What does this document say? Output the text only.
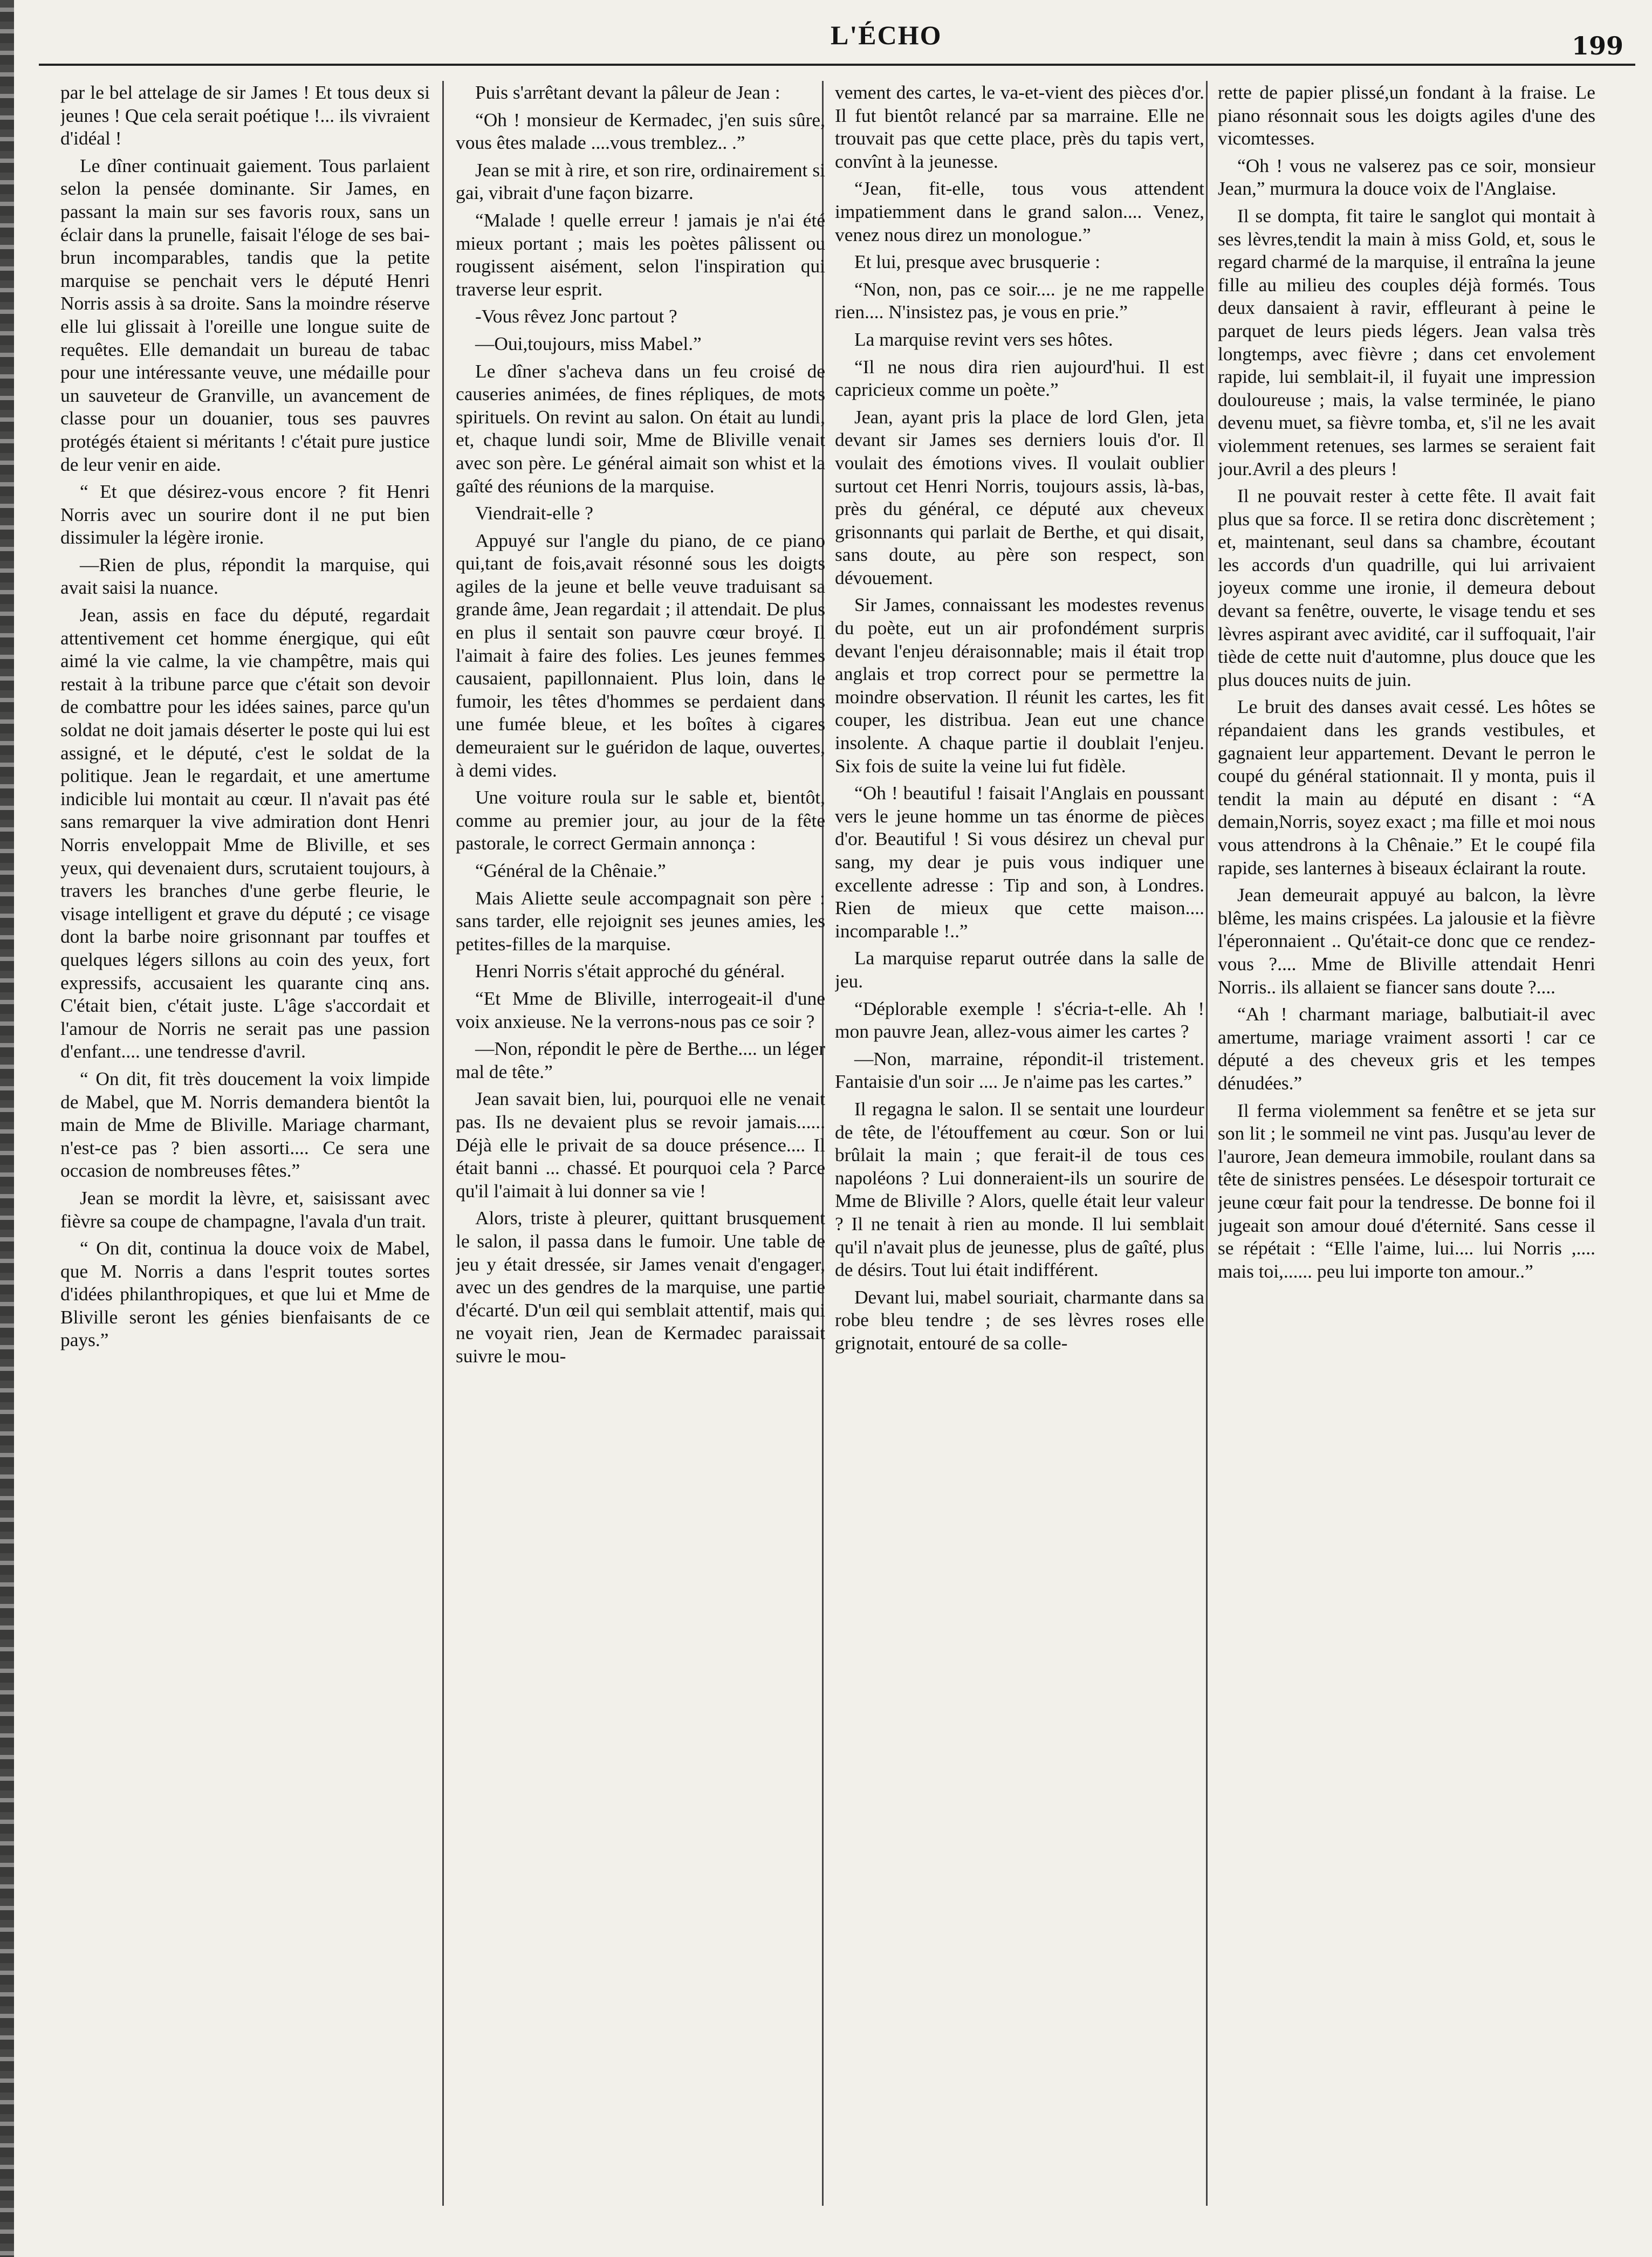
L'ÉCHO	199

par le bel attelage de sir James ! Et tous deux si jeunes ! Que cela serait poétique !... ils vivraient d'idéal !

Le dîner continuait gaiement. Tous parlaient selon la pensée dominante. Sir James, en passant la main sur ses favoris roux, sans un éclair dans la prunelle, faisait l'éloge de ses bai-brun incomparables, tandis que la petite marquise se penchait vers le député Henri Norris assis à sa droite. Sans la moindre réserve elle lui glissait à l'oreille une longue suite de requêtes. Elle demandait un bureau de tabac pour une intéressante veuve, une médaille pour un sauveteur de Granville, un avancement de classe pour un douanier, tous ses pauvres protégés étaient si méritants ! c'était pure justice de leur venir en aide.

“ Et que désirez-vous encore ? fit Henri Norris avec un sourire dont il ne put bien dissimuler la légère ironie.

—Rien de plus, répondit la marquise, qui avait saisi la nuance.

Jean, assis en face du député, regardait attentivement cet homme énergique, qui eût aimé la vie calme, la vie champêtre, mais qui restait à la tribune parce que c'était son devoir de combattre pour les idées saines, parce qu'un soldat ne doit jamais déserter le poste qui lui est assigné, et le député, c'est le soldat de la politique. Jean le regardait, et une amertume indicible lui montait au cœur. Il n'avait pas été sans remarquer la vive admiration dont Henri Norris enveloppait Mme de Bliville, et ses yeux, qui devenaient durs, scrutaient toujours, à travers les branches d'une gerbe fleurie, le visage intelligent et grave du député ; ce visage dont la barbe noire grisonnant par touffes et quelques légers sillons au coin des yeux, fort expressifs, accusaient les quarante cinq ans. C'était bien, c'était juste. L'âge s'accordait et l'amour de Norris ne serait pas une passion d'enfant.... une tendresse d'avril.

“ On dit, fit très doucement la voix limpide de Mabel, que M. Norris demandera bientôt la main de Mme de Bliville. Mariage charmant, n'est-ce pas ? bien assorti.... Ce sera une occasion de nombreuses fêtes.”

Jean se mordit la lèvre, et, saisissant avec fièvre sa coupe de champagne, l'avala d'un trait.

“ On dit, continua la douce voix de Mabel, que M. Norris a dans l'esprit toutes sortes d'idées philanthropiques, et que lui et Mme de Bliville seront les génies bienfaisants de ce pays.”

Puis s'arrêtant devant la pâleur de Jean :

“Oh ! monsieur de Kermadec, j'en suis sûre, vous êtes malade ....vous tremblez.. .”

Jean se mit à rire, et son rire, ordinairement si gai, vibrait d'une façon bizarre.

“Malade ! quelle erreur ! jamais je n'ai été mieux portant ; mais les poètes pâlissent ou rougissent aisément, selon l'inspiration qui traverse leur esprit.

-Vous rêvez Jonc partout ?

—Oui,toujours, miss Mabel.”

Le dîner s'acheva dans un feu croisé de causeries animées, de fines répliques, de mots spirituels. On revint au salon. On était au lundi, et, chaque lundi soir, Mme de Bliville venait avec son père. Le général aimait son whist et la gaîté des réunions de la marquise.

Viendrait-elle ?

Appuyé sur l'angle du piano, de ce piano qui,tant de fois,avait résonné sous les doigts agiles de la jeune et belle veuve traduisant sa grande âme, Jean regardait ; il attendait. De plus en plus il sentait son pauvre cœur broyé. Il l'aimait à faire des folies. Les jeunes femmes causaient, papillonnaient. Plus loin, dans le fumoir, les têtes d'hommes se perdaient dans une fumée bleue, et les boîtes à cigares demeuraient sur le guéridon de laque, ouvertes, à demi vides.

Une voiture roula sur le sable et, bientôt, comme au premier jour, au jour de la fête pastorale, le correct Germain annonça :

“Général de la Chênaie.”

Mais Aliette seule accompagnait son père : sans tarder, elle rejoignit ses jeunes amies, les petites-filles de la marquise.

Henri Norris s'était approché du général.

“Et Mme de Bliville, interrogeait-il d'une voix anxieuse. Ne la verrons-nous pas ce soir ?

—Non, répondit le père de Berthe.... un léger mal de tête.”

Jean savait bien, lui, pourquoi elle ne venait pas. Ils ne devaient plus se revoir jamais...... Déjà elle le privait de sa douce présence.... Il était banni ... chassé. Et pourquoi cela ? Parce qu'il l'aimait à lui donner sa vie !

Alors, triste à pleurer, quittant brusquement le salon, il passa dans le fumoir. Une table de jeu y était dressée, sir James venait d'engager, avec un des gendres de la marquise, une partie d'écarté. D'un œil qui semblait attentif, mais qui ne voyait rien, Jean de Kermadec paraissait suivre le mou-

vement des cartes, le va-et-vient des pièces d'or. Il fut bientôt relancé par sa marraine. Elle ne trouvait pas que cette place, près du tapis vert, convînt à la jeunesse.

“Jean, fit-elle, tous vous attendent impatiemment dans le grand salon.... Venez, venez nous direz un monologue.”

Et lui, presque avec brusquerie :

“Non, non, pas ce soir.... je ne me rappelle rien.... N'insistez pas, je vous en prie.”

La marquise revint vers ses hôtes.

“Il ne nous dira rien aujourd'hui. Il est capricieux comme un poète.”

Jean, ayant pris la place de lord Glen, jeta devant sir James ses derniers louis d'or. Il voulait des émotions vives. Il voulait oublier surtout cet Henri Norris, toujours assis, là-bas, près du général, ce député aux cheveux grisonnants qui parlait de Berthe, et qui disait, sans doute, au père son respect, son dévouement.

Sir James, connaissant les modestes revenus du poète, eut un air profondément surpris devant l'enjeu déraisonnable; mais il était trop anglais et trop correct pour se permettre la moindre observation. Il réunit les cartes, les fit couper, les distribua. Jean eut une chance insolente. A chaque partie il doublait l'enjeu. Six fois de suite la veine lui fut fidèle.

“Oh ! beautiful ! faisait l'Anglais en poussant vers le jeune homme un tas énorme de pièces d'or. Beautiful ! Si vous désirez un cheval pur sang, my dear je puis vous indiquer une excellente adresse : Tip and son, à Londres. Rien de mieux que cette maison.... incomparable !..”

La marquise reparut outrée dans la salle de jeu.

“Déplorable exemple ! s'écria-t-elle. Ah ! mon pauvre Jean, allez-vous aimer les cartes ?

—Non, marraine, répondit-il tristement. Fantaisie d'un soir .... Je n'aime pas les cartes.”

Il regagna le salon. Il se sentait une lourdeur de tête, de l'étouffement au cœur. Son or lui brûlait la main ; que ferait-il de tous ces napoléons ? Lui donneraient-ils un sourire de Mme de Bliville ? Alors, quelle était leur valeur ? Il ne tenait à rien au monde. Il lui semblait qu'il n'avait plus de jeunesse, plus de gaîté, plus de désirs. Tout lui était indifférent.

Devant lui, mabel souriait, charmante dans sa robe bleu tendre ; de ses lèvres roses elle grignotait, entouré de sa colle-

rette de papier plissé,un fondant à la fraise. Le piano résonnait sous les doigts agiles d'une des vicomtesses.

“Oh ! vous ne valserez pas ce soir, monsieur Jean,” murmura la douce voix de l'Anglaise.

Il se dompta, fit taire le sanglot qui montait à ses lèvres,tendit la main à miss Gold, et, sous le regard charmé de la marquise, il entraîna la jeune fille au milieu des couples déjà formés. Tous deux dansaient à ravir, effleurant à peine le parquet de leurs pieds légers. Jean valsa très longtemps, avec fièvre ; dans cet envolement rapide, lui semblait-il, il fuyait une impression douloureuse ; mais, la valse terminée, le piano devenu muet, sa fièvre tomba, et, s'il ne les avait violemment retenues, ses larmes se seraient fait jour.Avril a des pleurs !

Il ne pouvait rester à cette fête. Il avait fait plus que sa force. Il se retira donc discrètement ; et, maintenant, seul dans sa chambre, écoutant les accords d'un quadrille, qui lui arrivaient joyeux comme une ironie, il demeura debout devant sa fenêtre, ouverte, le visage tendu et ses lèvres aspirant avec avidité, car il suffoquait, l'air tiède de cette nuit d'automne, plus douce que les plus douces nuits de juin.

Le bruit des danses avait cessé. Les hôtes se répandaient dans les grands vestibules, et gagnaient leur appartement. Devant le perron le coupé du général stationnait. Il y monta, puis il tendit la main au député en disant : “A demain,Norris, soyez exact ; ma fille et moi nous vous attendrons à la Chênaie.” Et le coupé fila rapide, ses lanternes à biseaux éclairant la route.

Jean demeurait appuyé au balcon, la lèvre blême, les mains crispées. La jalousie et la fièvre l'éperonnaient .. Qu'était-ce donc que ce rendez-vous ?.... Mme de Bliville attendait Henri Norris.. ils allaient se fiancer sans doute ?....

“Ah ! charmant mariage, balbutiait-il avec amertume, mariage vraiment assorti ! car ce député a des cheveux gris et les tempes dénudées.”

Il ferma violemment sa fenêtre et se jeta sur son lit ; le sommeil ne vint pas. Jusqu'au lever de l'aurore, Jean demeura immobile, roulant dans sa tête de sinistres pensées. Le désespoir torturait ce jeune cœur fait pour la tendresse. De bonne foi il jugeait son amour doué d'éternité. Sans cesse il se répétait : “Elle l'aime, lui.... lui Norris ,.... mais toi,...... peu lui importe ton amour..”
